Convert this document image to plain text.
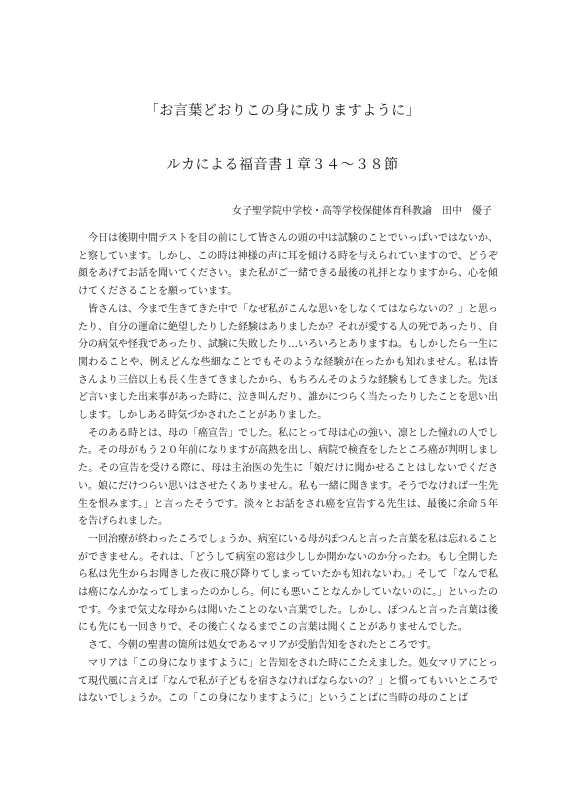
「お言葉どおりこの身に成りますように」
ルカによる福音書１章３４～３８節
女子聖学院中学校・高等学校保健体育科教諭　田中　優子

今日は後期中間テストを目の前にして皆さんの頭の中は試験のことでいっぱいではないか、と察しています。しかし、この時は神様の声に耳を傾ける時を与えられていますので、どうぞ顔をあげてお話を聞いてください。また私がご一緒できる最後の礼拝となりますから、心を傾けてくださることを願っています。

皆さんは、今まで生きてきた中で「なぜ私がこんな思いをしなくてはならないの？」と思ったり、自分の運命に絶望したりした経験はありましたか？それが愛する人の死であったり、自分の病気や怪我であったり、試験に失敗したり…いろいろとありますね。もしかしたら一生に関わることや、例えどんな些細なことでもそのような経験が在ったかも知れません。私は皆さんより三倍以上も長く生きてきましたから、もちろんそのような経験もしてきました。先ほど言いました出来事があった時に、泣き叫んだり、誰かにつらく当たったりしたことを思い出します。しかしある時気づかされたことがありました。

そのある時とは、母の「癌宣告」でした。私にとって母は心の強い、凛とした憧れの人でした。その母がもう２０年前になりますが高熱を出し、病院で検査をしたところ癌が判明しました。その宣告を受ける際に、母は主治医の先生に「娘だけに聞かせることはしないでください。娘にだけつらい思いはさせたくありません。私も一緒に聞きます。そうでなければ一生先生を恨みます。」と言ったそうです。淡々とお話をされ癌を宣告する先生は、最後に余命５年を告げられました。

一回治療が終わったころでしょうか、病室にいる母がぽつんと言った言葉を私は忘れることができません。それは、「どうして病室の窓は少ししか開かないのか分ったわ。もし全開したら私は先生からお聞きした夜に飛び降りてしまっていたかも知れないわ。」そして「なんで私は癌になんかなってしまったのかしら。何にも悪いことなんかしていないのに。」といったのです。今まで気丈な母からは聞いたことのない言葉でした。しかし、ぽつんと言った言葉は後にも先にも一回きりで、その後亡くなるまでこの言葉は聞くことがありませんでした。

さて、今朝の聖書の箇所は処女であるマリアが受胎告知をされたところです。

マリアは「この身になりますように」と告知をされた時にこたえました。処女マリアにとって現代風に言えば「なんで私が子どもを宿さなければならないの？」と慣ってもいいところではないでしょうか。この「この身になりますように」ということばに当時の母のことば
